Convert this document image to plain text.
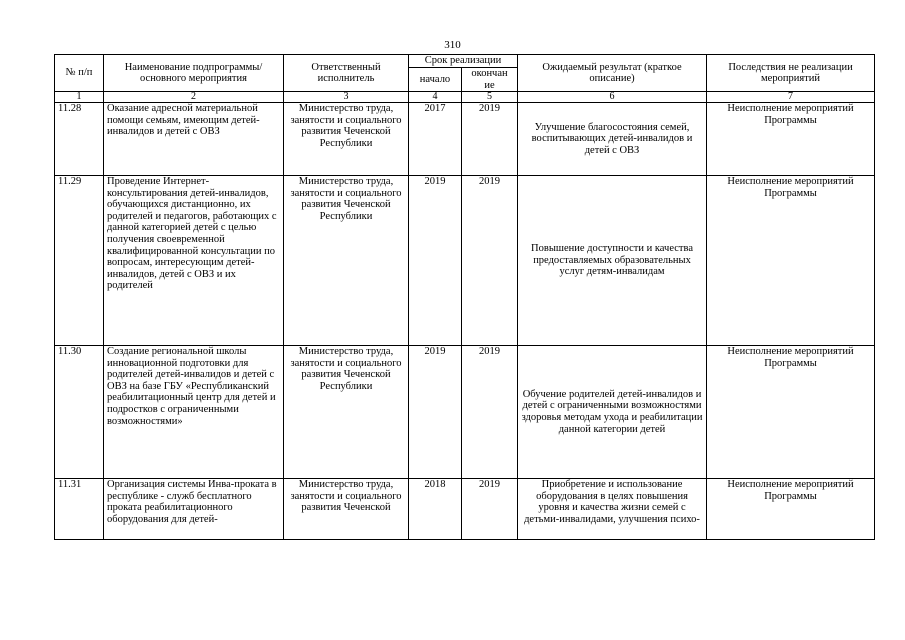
310
№ п/п	Наименование подпрограммы/ основного мероприятия	Ответственный исполнитель	Срок реализации		Ожидаемый результат (краткое описание)	Последствия не реализации мероприятий
			начало	окончан ие		
1	2	3	4	5	6	7
11.28	Оказание адресной материальной помощи семьям, имеющим детей-инвалидов и детей с ОВЗ	Министерство труда, занятости и социального развития Чеченской Республики	2017	2019	Улучшение благосостояния семей, воспитывающих детей-инвалидов и детей с ОВЗ	Неисполнение мероприятий Программы
11.29	Проведение Интернет-консультирования детей-инвалидов, обучающихся дистанционно, их родителей и педагогов, работающих с данной категорией детей с целью получения своевременной квалифицированной консультации по вопросам, интересующим детей-инвалидов, детей с ОВЗ и их родителей	Министерство труда, занятости и социального развития Чеченской Республики	2019	2019	Повышение доступности и качества предоставляемых образовательных услуг детям-инвалидам	Неисполнение мероприятий Программы
11.30	Создание региональной школы инновационной подготовки для родителей детей-инвалидов и детей с ОВЗ на базе ГБУ «Республиканский реабилитационный центр для детей и подростков с ограниченными возможностями»	Министерство труда, занятости и социального развития Чеченской Республики	2019	2019	Обучение родителей детей-инвалидов и детей с ограниченными возможностями здоровья методам ухода и реабилитации данной категории детей	Неисполнение мероприятий Программы
11.31	Организация системы Инва-проката в республике - служб бесплатного проката реабилитационного оборудования для детей-	Министерство труда, занятости и социального развития Чеченской	2018	2019	Приобретение и использование оборудования в целях повышения уровня и качества жизни семей с детьми-инвалидами, улучшения психо-	Неисполнение мероприятий Программы
